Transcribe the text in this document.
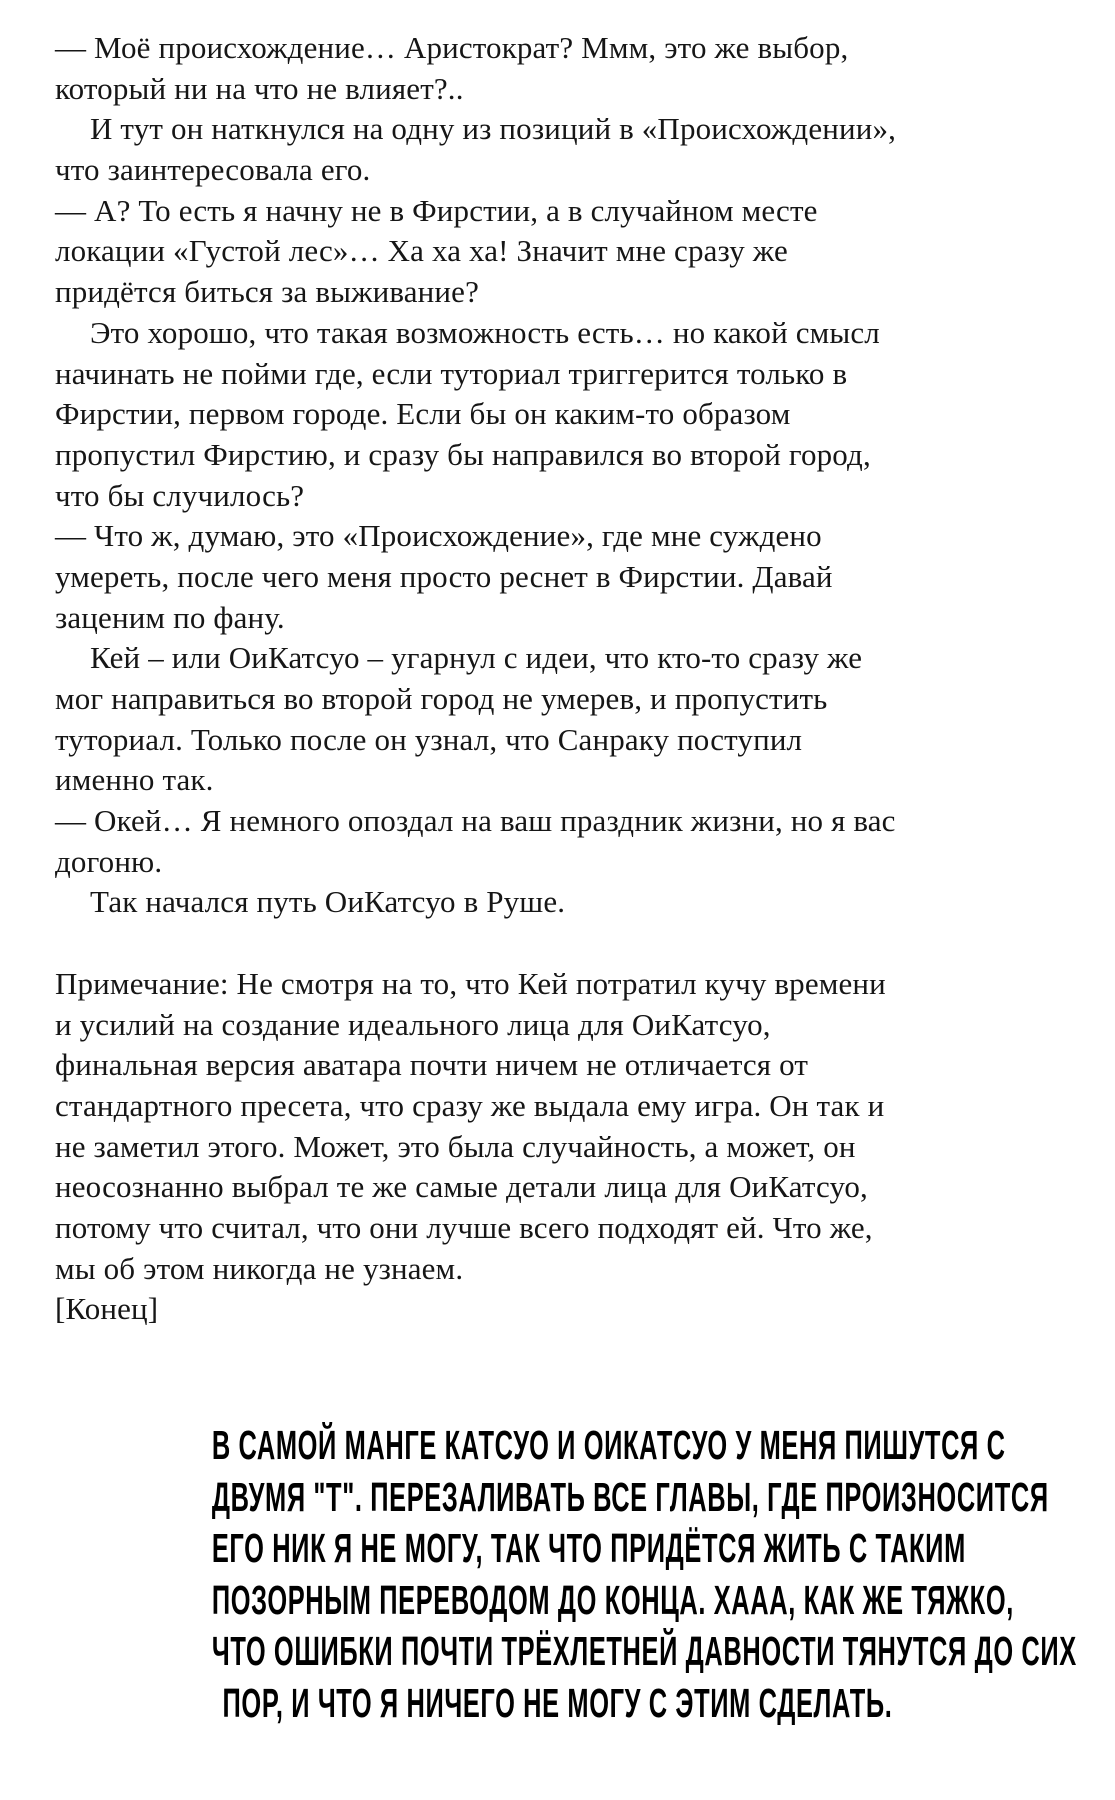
— Моё происхождение… Аристократ? Ммм, это же выбор,
который ни на что не влияет?..
И тут он наткнулся на одну из позиций в «Происхождении»,
что заинтересовала его.
— А? То есть я начну не в Фирстии, а в случайном месте
локации «Густой лес»… Ха ха ха! Значит мне сразу же
придётся биться за выживание?
Это хорошо, что такая возможность есть… но какой смысл
начинать не пойми где, если туториал триггерится только в
Фирстии, первом городе. Если бы он каким-то образом
пропустил Фирстию, и сразу бы направился во второй город,
что бы случилось?
— Что ж, думаю, это «Происхождение», где мне суждено
умереть, после чего меня просто реснет в Фирстии. Давай
заценим по фану.
Кей – или ОиКатсуо – угарнул с идеи, что кто-то сразу же
мог направиться во второй город не умерев, и пропустить
туториал. Только после он узнал, что Санраку поступил
именно так.
— Окей… Я немного опоздал на ваш праздник жизни, но я вас
догоню.
Так начался путь ОиКатсуо в Руше.
Примечание: Не смотря на то, что Кей потратил кучу времени
и усилий на создание идеального лица для ОиКатсуо,
финальная версия аватара почти ничем не отличается от
стандартного пресета, что сразу же выдала ему игра. Он так и
не заметил этого. Может, это была случайность, а может, он
неосознанно выбрал те же самые детали лица для ОиКатсуо,
потому что считал, что они лучше всего подходят ей. Что же,
мы об этом никогда не узнаем.
[Конец]
В САМОЙ МАНГЕ КАТСУО И ОИКАТСУО У МЕНЯ ПИШУТСЯ С
ДВУМЯ "Т". ПЕРЕЗАЛИВАТЬ ВСЕ ГЛАВЫ, ГДЕ ПРОИЗНОСИТСЯ
ЕГО НИК Я НЕ МОГУ, ТАК ЧТО ПРИДЁТСЯ ЖИТЬ С ТАКИМ
ПОЗОРНЫМ ПЕРЕВОДОМ ДО КОНЦА. ХААА, КАК ЖЕ ТЯЖКО,
ЧТО ОШИБКИ ПОЧТИ ТРЁХЛЕТНЕЙ ДАВНОСТИ ТЯНУТСЯ ДО СИХ
ПОР, И ЧТО Я НИЧЕГО НЕ МОГУ С ЭТИМ СДЕЛАТЬ.
